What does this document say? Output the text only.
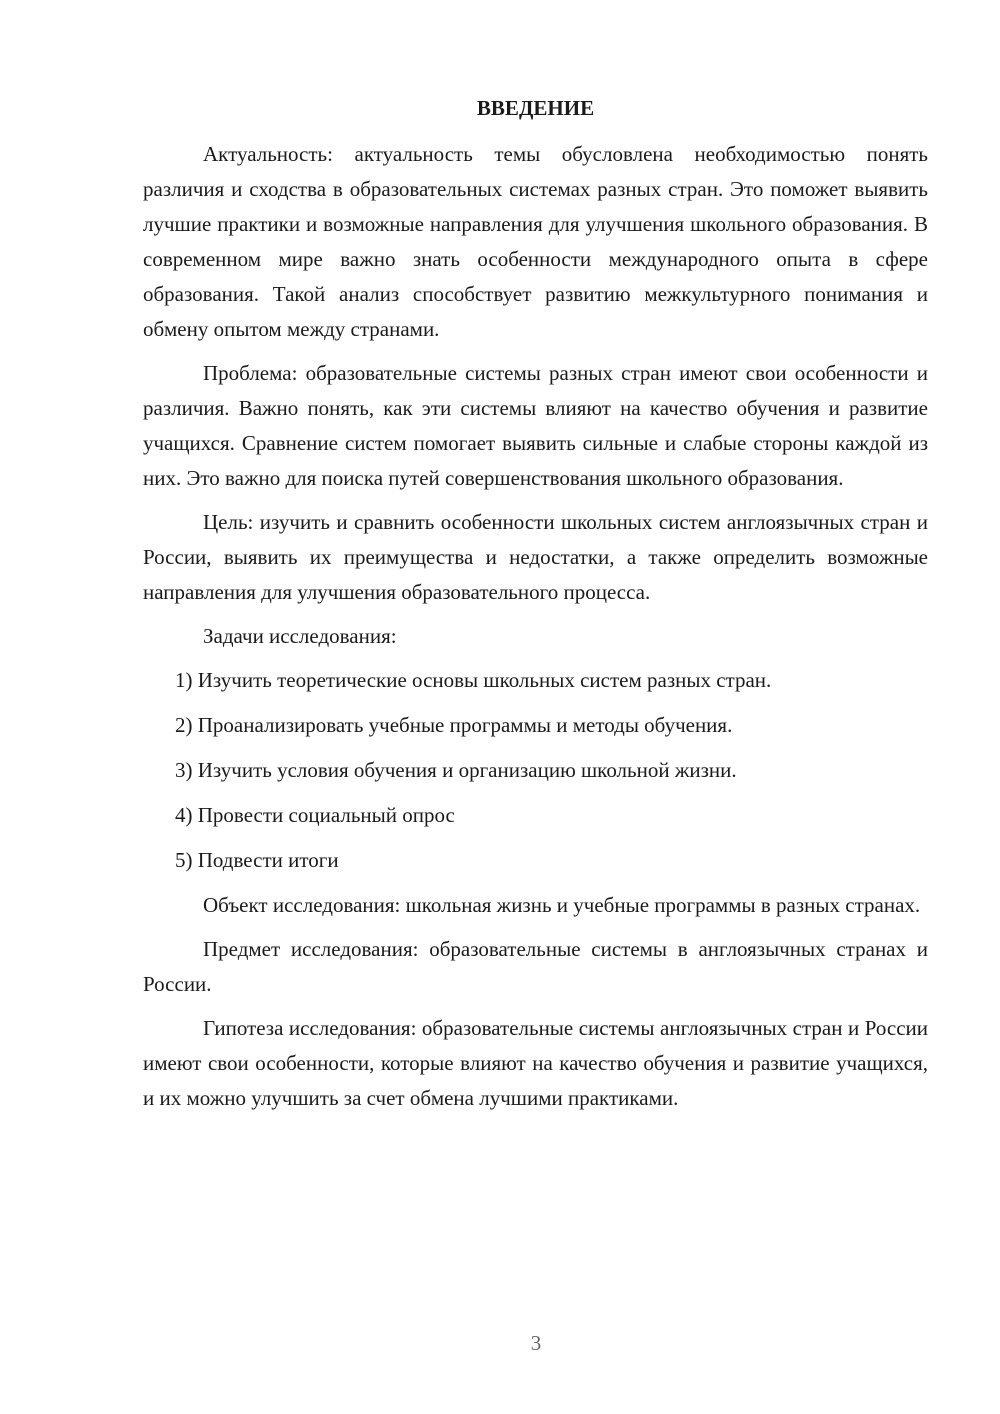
ВВЕДЕНИЕ

Актуальность: актуальность темы обусловлена необходимостью понять различия и сходства в образовательных системах разных стран. Это поможет выявить лучшие практики и возможные направления для улучшения школьного образования. В современном мире важно знать особенности международного опыта в сфере образования. Такой анализ способствует развитию межкультурного понимания и обмену опытом между странами.

Проблема: образовательные системы разных стран имеют свои особенности и различия. Важно понять, как эти системы влияют на качество обучения и развитие учащихся. Сравнение систем помогает выявить сильные и слабые стороны каждой из них. Это важно для поиска путей совершенствования школьного образования.

Цель: изучить и сравнить особенности школьных систем англоязычных стран и России, выявить их преимущества и недостатки, а также определить возможные направления для улучшения образовательного процесса.

Задачи исследования:

1) Изучить теоретические основы школьных систем разных стран.
2) Проанализировать учебные программы и методы обучения.
3) Изучить условия обучения и организацию школьной жизни.
4) Провести социальный опрос
5) Подвести итоги

Объект исследования: школьная жизнь и учебные программы в разных странах.

Предмет исследования: образовательные системы в англоязычных странах и России.

Гипотеза исследования: образовательные системы англоязычных стран и России имеют свои особенности, которые влияют на качество обучения и развитие учащихся, и их можно улучшить за счет обмена лучшими практиками.

3
